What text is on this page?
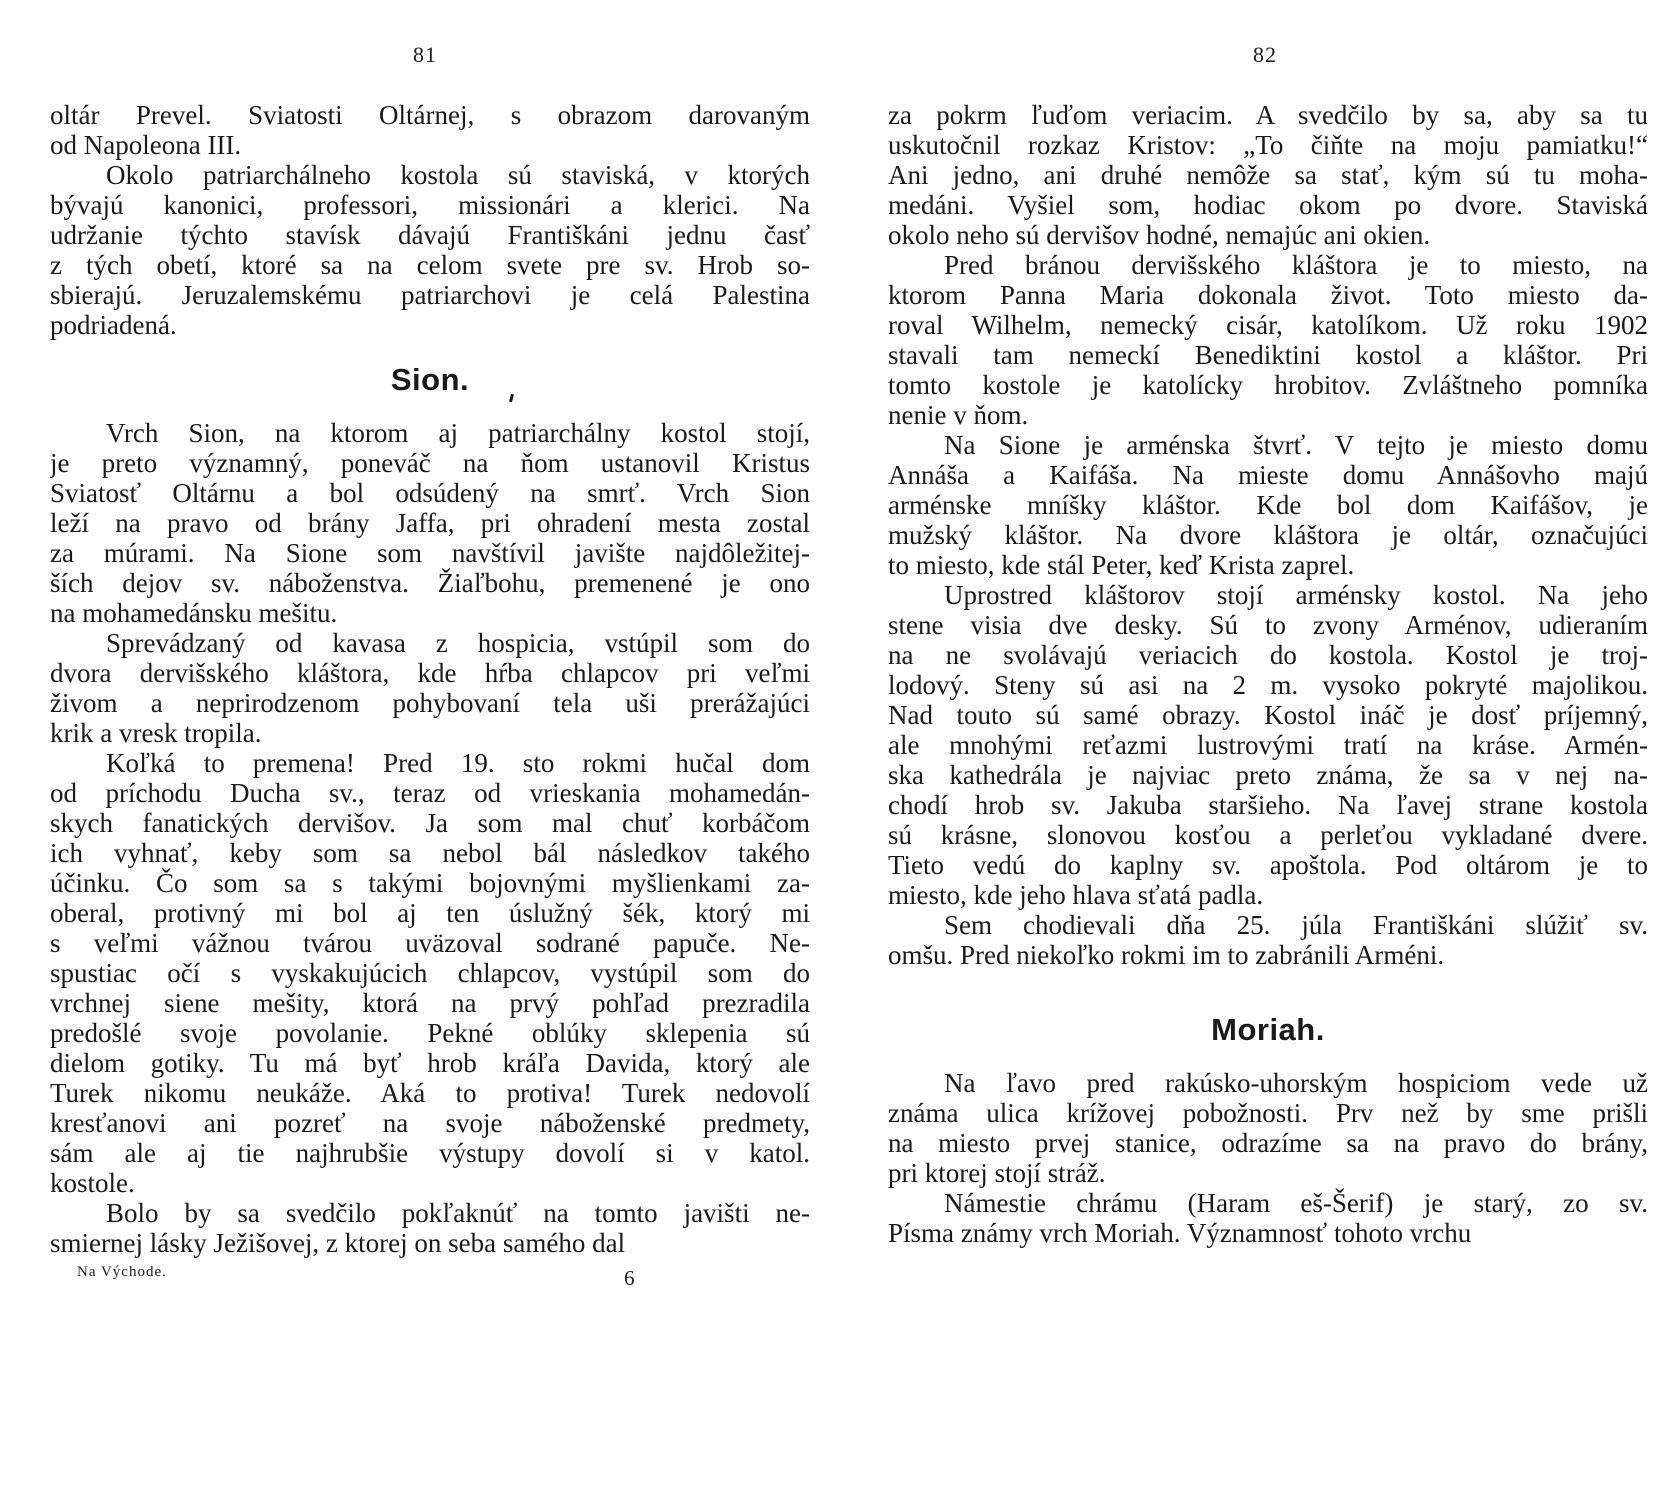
81
oltár Prevel. Sviatosti Oltárnej, s obrazom darovaným
od Napoleona III.
Okolo patriarchálneho kostola sú staviská, v ktorých
bývajú kanonici, professori, missionári a klerici. Na
udržanie týchto stavísk dávajú Františkáni jednu časť
z tých obetí, ktoré sa na celom svete pre sv. Hrob so-
sbierajú. Jeruzalemskému patriarchovi je celá Palestina
podriadená.
Sion.
Vrch Sion, na ktorom aj patriarchálny kostol stojí,
je preto významný, poneváč na ňom ustanovil Kristus
Sviatosť Oltárnu a bol odsúdený na smrť. Vrch Sion
leží na pravo od brány Jaffa, pri ohradení mesta zostal
za múrami. Na Sione som navštívil javište najdôležitej-
ších dejov sv. náboženstva. Žiaľbohu, premenené je ono
na mohamedánsku mešitu.
Sprevádzaný od kavasa z hospicia, vstúpil som do
dvora dervišského kláštora, kde hŕba chlapcov pri veľmi
živom a neprirodzenom pohybovaní tela uši prerážajúci
krik a vresk tropila.
Koľká to premena! Pred 19. sto rokmi hučal dom
od príchodu Ducha sv., teraz od vrieskania mohamedán-
skych fanatických dervišov. Ja som mal chuť korbáčom
ich vyhnať, keby som sa nebol bál následkov takého
účinku. Čo som sa s takými bojovnými myšlienkami za-
oberal, protivný mi bol aj ten úslužný šék, ktorý mi
s veľmi vážnou tvárou uväzoval sodrané papuče. Ne-
spustiac očí s vyskakujúcich chlapcov, vystúpil som do
vrchnej siene mešity, ktorá na prvý pohľad prezradila
predošlé svoje povolanie. Pekné oblúky sklepenia sú
dielom gotiky. Tu má byť hrob kráľa Davida, ktorý ale
Turek nikomu neukáže. Aká to protiva! Turek nedovolí
kresťanovi ani pozreť na svoje náboženské predmety,
sám ale aj tie najhrubšie výstupy dovolí si v katol.
kostole.
Bolo by sa svedčilo pokľaknúť na tomto javišti ne-
smiernej lásky Ježišovej, z ktorej on seba samého dal
Na Východe.	6
82
za pokrm ľuďom veriacim. A svedčilo by sa, aby sa tu
uskutočnil rozkaz Kristov: „To čiňte na moju pamiatku!“
Ani jedno, ani druhé nemôže sa stať, kým sú tu moha-
medáni. Vyšiel som, hodiac okom po dvore. Staviská
okolo neho sú dervišov hodné, nemajúc ani okien.
Pred bránou dervišského kláštora je to miesto, na
ktorom Panna Maria dokonala život. Toto miesto da-
roval Wilhelm, nemecký cisár, katolíkom. Už roku 1902
stavali tam nemeckí Benediktini kostol a kláštor. Pri
tomto kostole je katolícky hrobitov. Zvláštneho pomníka
nenie v ňom.
Na Sione je arménska štvrť. V tejto je miesto domu
Annáša a Kaifáša. Na mieste domu Annášovho majú
arménske mníšky kláštor. Kde bol dom Kaifášov, je
mužský kláštor. Na dvore kláštora je oltár, označujúci
to miesto, kde stál Peter, keď Krista zaprel.
Uprostred kláštorov stojí arménsky kostol. Na jeho
stene visia dve desky. Sú to zvony Arménov, udieraním
na ne svolávajú veriacich do kostola. Kostol je troj-
lodový. Steny sú asi na 2 m. vysoko pokryté majolikou.
Nad touto sú samé obrazy. Kostol ináč je dosť príjemný,
ale mnohými reťazmi lustrovými tratí na kráse. Armén-
ska kathedrála je najviac preto známa, že sa v nej na-
chodí hrob sv. Jakuba staršieho. Na ľavej strane kostola
sú krásne, slonovou kosťou a perleťou vykladané dvere.
Tieto vedú do kaplny sv. apoštola. Pod oltárom je to
miesto, kde jeho hlava sťatá padla.
Sem chodievali dňa 25. júla Františkáni slúžiť sv.
omšu. Pred niekoľko rokmi im to zabránili Arméni.
Moriah.
Na ľavo pred rakúsko-uhorským hospiciom vede už
známa ulica krížovej pobožnosti. Prv než by sme prišli
na miesto prvej stanice, odrazíme sa na pravo do brány,
pri ktorej stojí stráž.
Námestie chrámu (Haram eš-Šerif) je starý, zo sv.
Písma známy vrch Moriah. Významnosť tohoto vrchu
